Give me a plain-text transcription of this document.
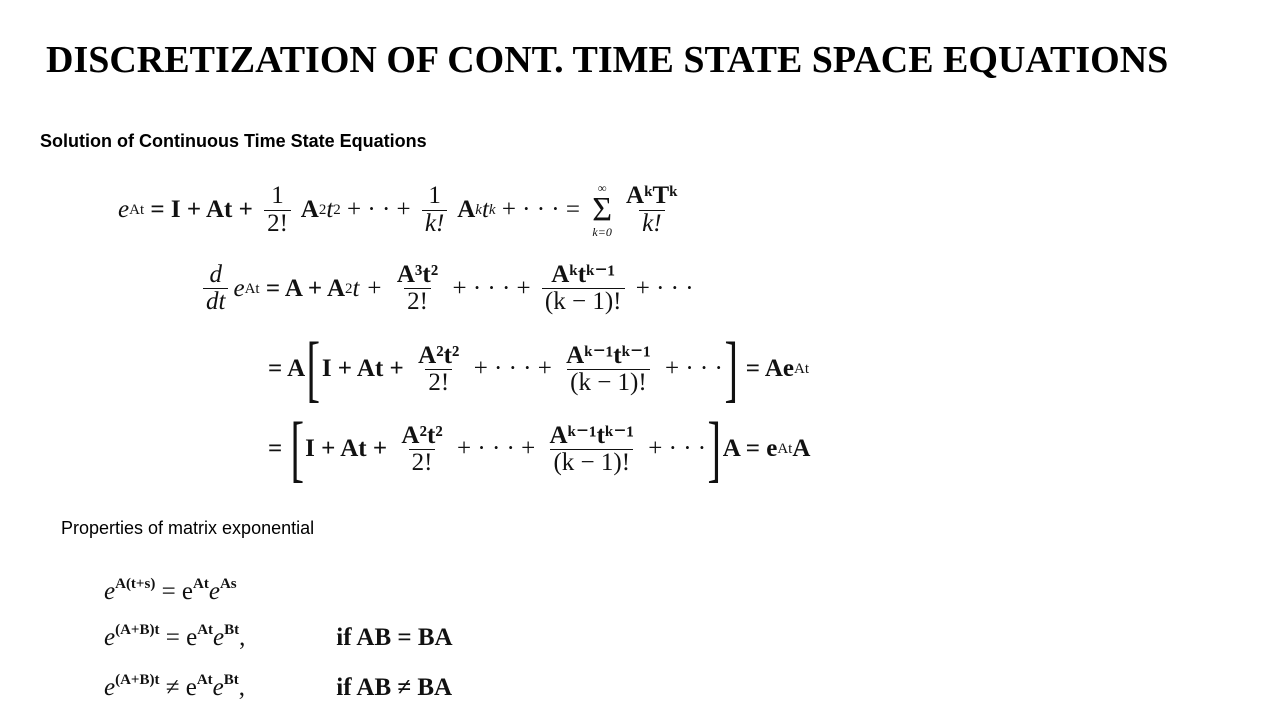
DISCRETIZATION OF CONT. TIME STATE SPACE EQUATIONS
Solution of Continuous Time State Equations
e $At = I + At + \frac{1}{2!}$ A 2 t 2 + · · + $\frac{1}{k!}$ A k t k + · · · =
∞
Σ
$k=0 \frac{\text{AᵏTᵏ}}{k!}$
$\frac{d}{dt}$ e At = A + A 2 $t + \frac{\text{A³t²}}{2!}$ + · · · + $\frac{\text{Aᵏtᵏ⁻¹}}{(k - 1)!}$ + · · ·
= A [ $I + At + \frac{\text{A²t²}}{2!}$ + · · · + $\frac{\text{Aᵏ⁻¹tᵏ⁻¹}}{(k - 1)!}$ + · · · ] = Ae At
= [ $I + At + \frac{\text{A²t²}}{2!}$ + · · · + $\frac{\text{Aᵏ⁻¹tᵏ⁻¹}}{(k - 1)!}$ + · · · ] A = e At A
Properties of matrix exponential
$e^{A(t+s)} = e^{At}e^{As}$
$e^{(A+B)t} = e^{At}e^{Bt}$,	if AB = BA
$e^{(A+B)t} \ne e^{At}e^{Bt}$,	if AB ≠ BA
